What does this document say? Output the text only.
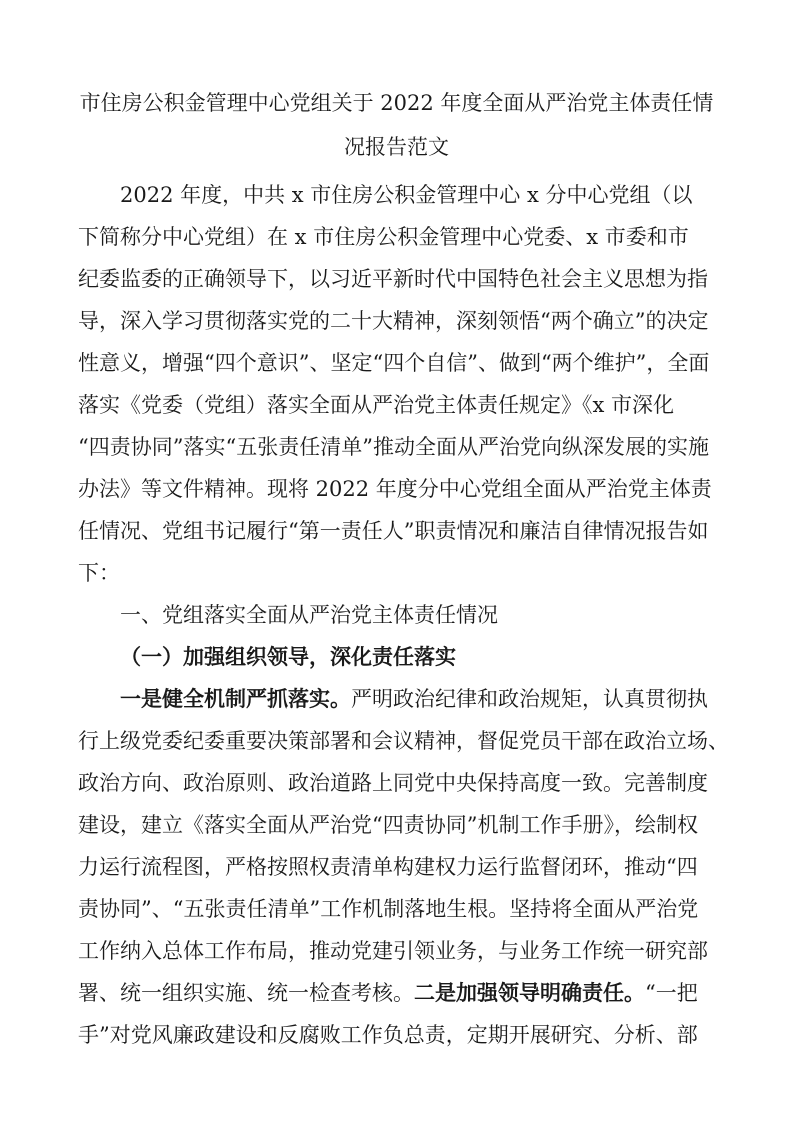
市住房公积金管理中心党组关于 2022 年度全面从严治党主体责任情
况报告范文
　　2022 年度，中共 x 市住房公积金管理中心 x 分中心党组（以
下简称分中心党组）在 x 市住房公积金管理中心党委、x 市委和市
纪委监委的正确领导下，以习近平新时代中国特色社会主义思想为指
导，深入学习贯彻落实党的二十大精神，深刻领悟“两个确立”的决定
性意义，增强“四个意识”、坚定“四个自信”、做到“两个维护”，全面
落实《党委（党组）落实全面从严治党主体责任规定》《x 市深化
“四责协同”落实“五张责任清单”推动全面从严治党向纵深发展的实施
办法》等文件精神。现将 2022 年度分中心党组全面从严治党主体责
任情况、党组书记履行“第一责任人”职责情况和廉洁自律情况报告如
下：
　　一、党组落实全面从严治党主体责任情况
（一）加强组织领导，深化责任落实
一是健全机制严抓落实。严明政治纪律和政治规矩，认真贯彻执
行上级党委纪委重要决策部署和会议精神，督促党员干部在政治立场、
政治方向、政治原则、政治道路上同党中央保持高度一致。完善制度
建设，建立《落实全面从严治党“四责协同”机制工作手册》，绘制权
力运行流程图，严格按照权责清单构建权力运行监督闭环，推动“四
责协同”、“五张责任清单”工作机制落地生根。坚持将全面从严治党
工作纳入总体工作布局，推动党建引领业务，与业务工作统一研究部
署、统一组织实施、统一检查考核。二是加强领导明确责任。“一把
手”对党风廉政建设和反腐败工作负总责，定期开展研究、分析、部
